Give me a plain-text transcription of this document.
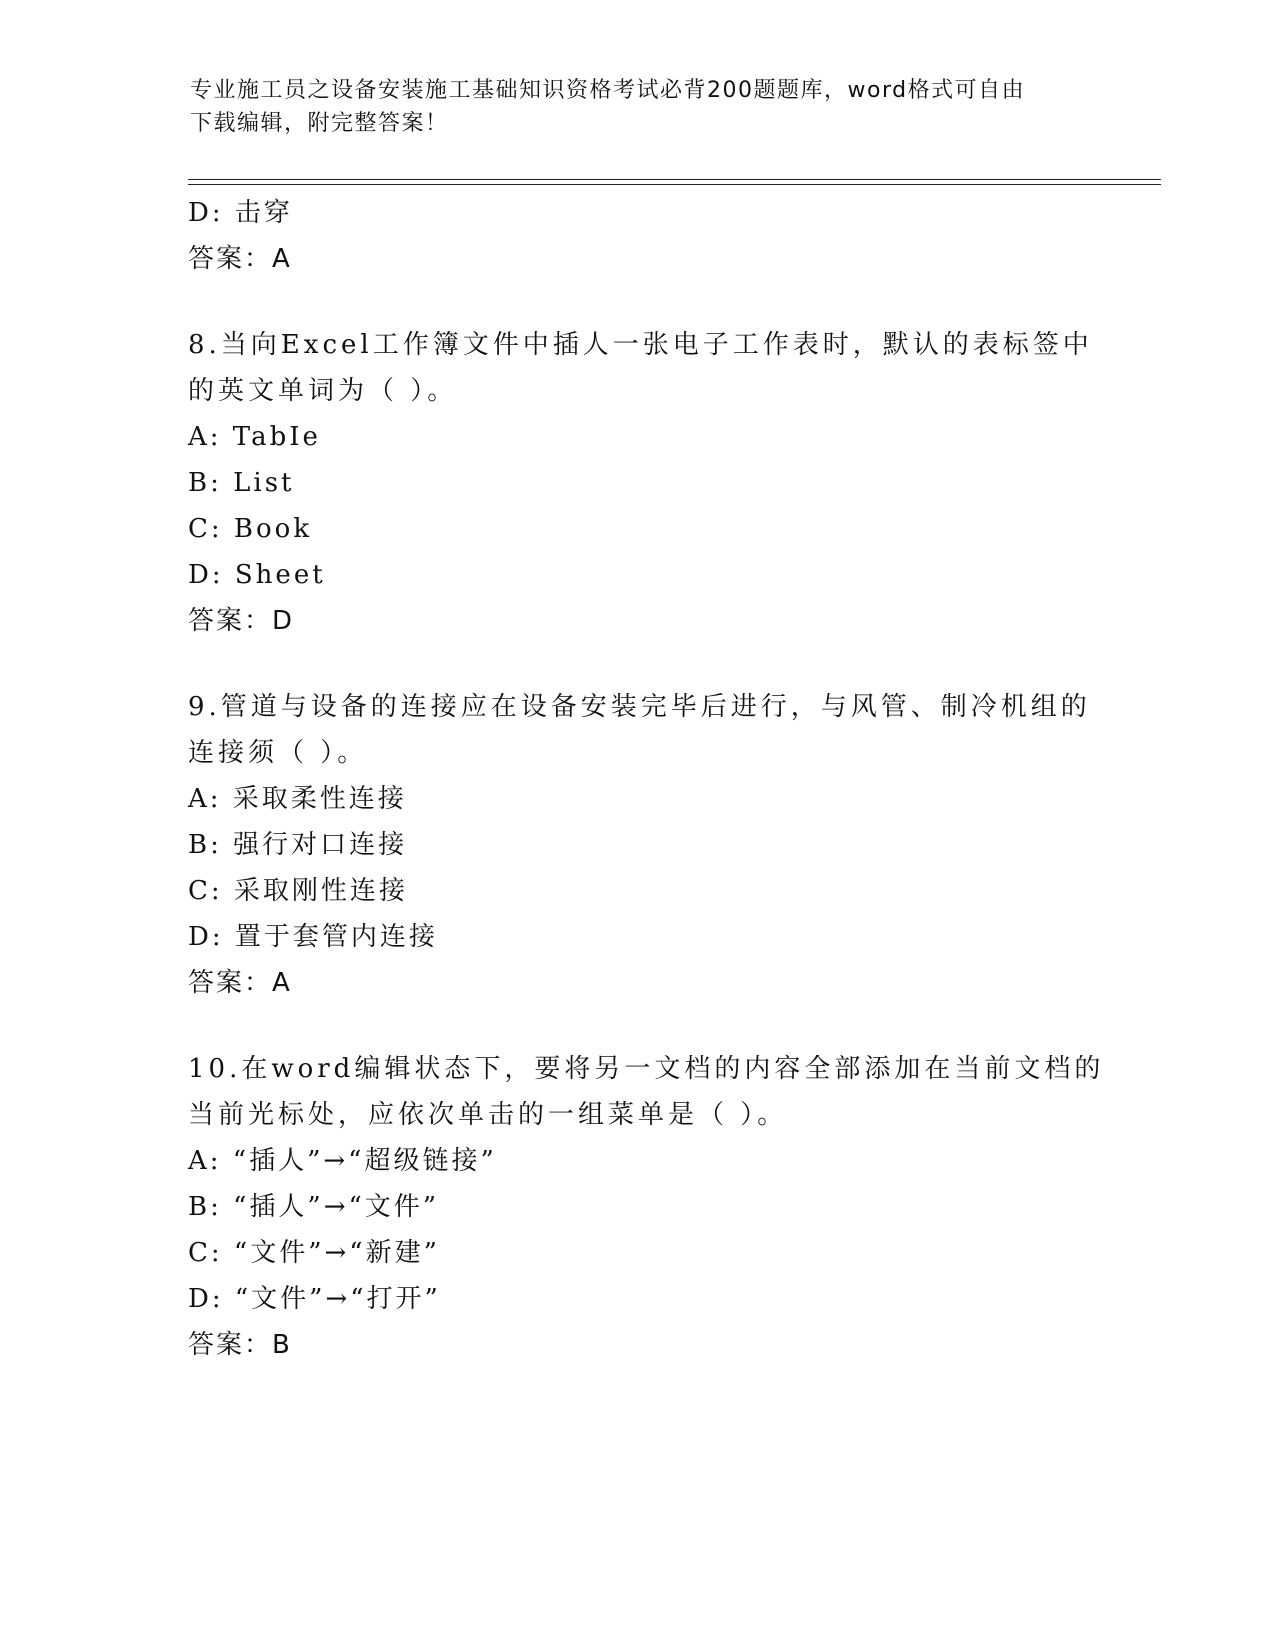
专业施工员之设备安装施工基础知识资格考试必背200题题库，word格式可自由
下载编辑，附完整答案！
D: 击穿
答案：A
8.当向Excel工作簿文件中插人一张电子工作表时，默认的表标签中
的英文单词为（ ）。
A: TabIe
B: List
C: Book
D: Sheet
答案：D
9.管道与设备的连接应在设备安装完毕后进行，与风管、制冷机组的
连接须（ ）。
A: 采取柔性连接
B: 强行对口连接
C: 采取刚性连接
D: 置于套管内连接
答案：A
10.在word编辑状态下，要将另一文档的内容全部添加在当前文档的
当前光标处，应依次单击的一组菜单是（ ）。
A: “插人”→“超级链接”
B: “插人”→“文件”
C: “文件”→“新建”
D: “文件”→“打开”
答案：B
